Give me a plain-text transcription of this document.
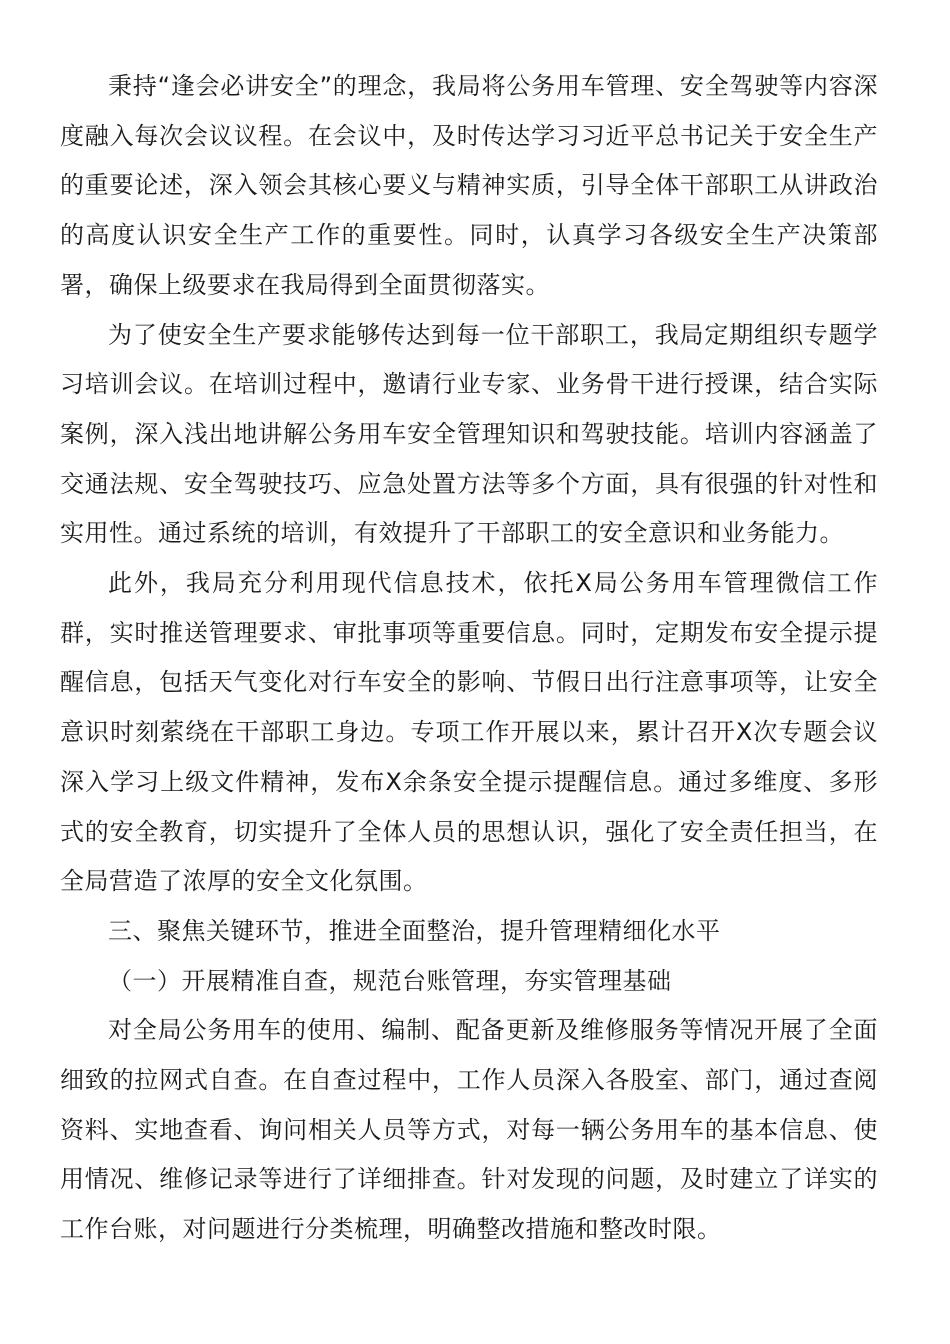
秉持“逢会必讲安全”的理念，我局将公务用车管理、安全驾驶等内容深度融入每次会议议程。在会议中，及时传达学习习近平总书记关于安全生产的重要论述，深入领会其核心要义与精神实质，引导全体干部职工从讲政治的高度认识安全生产工作的重要性。同时，认真学习各级安全生产决策部署，确保上级要求在我局得到全面贯彻落实。

为了使安全生产要求能够传达到每一位干部职工，我局定期组织专题学习培训会议。在培训过程中，邀请行业专家、业务骨干进行授课，结合实际案例，深入浅出地讲解公务用车安全管理知识和驾驶技能。培训内容涵盖了交通法规、安全驾驶技巧、应急处置方法等多个方面，具有很强的针对性和实用性。通过系统的培训，有效提升了干部职工的安全意识和业务能力。

此外，我局充分利用现代信息技术，依托X局公务用车管理微信工作群，实时推送管理要求、审批事项等重要信息。同时，定期发布安全提示提醒信息，包括天气变化对行车安全的影响、节假日出行注意事项等，让安全意识时刻萦绕在干部职工身边。专项工作开展以来，累计召开X次专题会议深入学习上级文件精神，发布X余条安全提示提醒信息。通过多维度、多形式的安全教育，切实提升了全体人员的思想认识，强化了安全责任担当，在全局营造了浓厚的安全文化氛围。

三、聚焦关键环节，推进全面整治，提升管理精细化水平

（一）开展精准自查，规范台账管理，夯实管理基础

对全局公务用车的使用、编制、配备更新及维修服务等情况开展了全面细致的拉网式自查。在自查过程中，工作人员深入各股室、部门，通过查阅资料、实地查看、询问相关人员等方式，对每一辆公务用车的基本信息、使用情况、维修记录等进行了详细排查。针对发现的问题，及时建立了详实的工作台账，对问题进行分类梳理，明确整改措施和整改时限。
